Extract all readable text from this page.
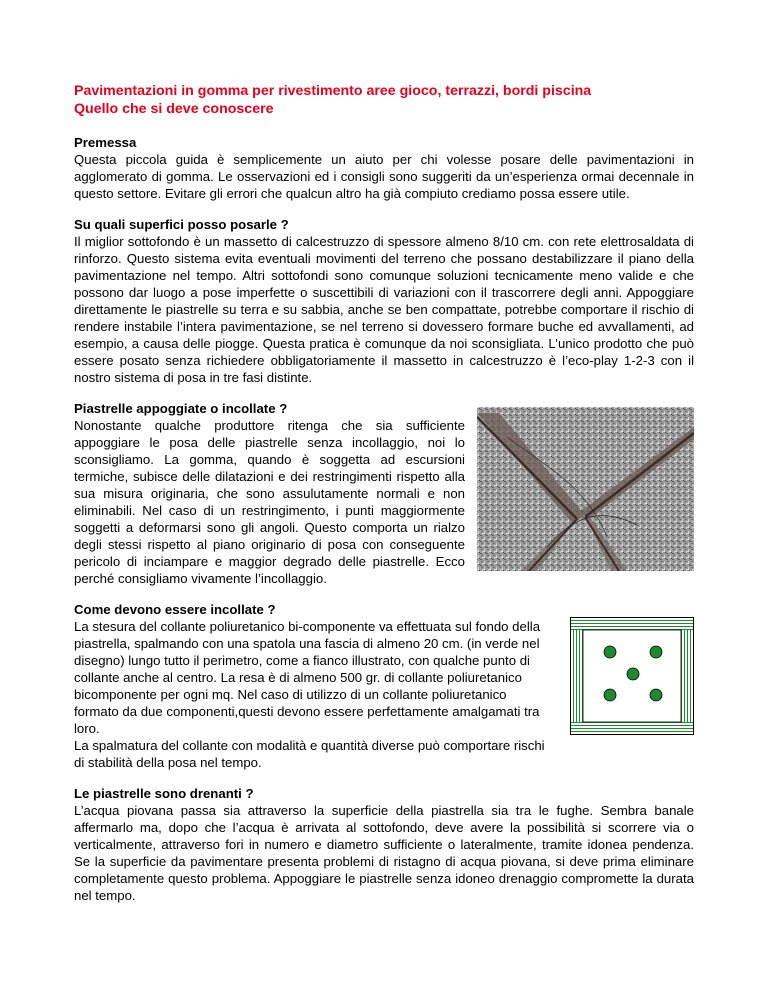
Pavimentazioni in gomma per rivestimento aree gioco, terrazzi, bordi piscina
Quello che si deve conoscere
Premessa

Questa piccola guida è semplicemente un aiuto per chi volesse posare delle pavimentazioni in agglomerato di gomma. Le osservazioni ed i consigli sono suggeriti da un’esperienza ormai decennale in questo settore. Evitare gli errori che qualcun altro ha già compiuto crediamo possa essere utile.

Su quali superfici posso posarle ?

Il miglior sottofondo è un massetto di calcestruzzo di spessore almeno 8/10 cm. con rete elettrosaldata di rinforzo. Questo sistema evita eventuali movimenti del terreno che possano destabilizzare il piano della pavimentazione nel tempo. Altri sottofondi sono comunque soluzioni tecnicamente meno valide e che possono dar luogo a pose imperfette o suscettibili di variazioni con il trascorrere degli anni. Appoggiare direttamente le piastrelle su terra e su sabbia, anche se ben compattate, potrebbe comportare il rischio di rendere instabile l’intera pavimentazione, se nel terreno si dovessero formare buche ed avvallamenti, ad esempio, a causa delle piogge. Questa pratica è comunque da noi sconsigliata. L’unico prodotto che può essere posato senza richiedere obbligatoriamente il massetto in calcestruzzo è l’eco-play 1-2-3 con il nostro sistema di posa in tre fasi distinte.

Piastrelle appoggiate o incollate ?

Nonostante qualche produttore ritenga che sia sufficiente appoggiare le posa delle piastrelle senza incollaggio, noi lo sconsigliamo. La gomma, quando è soggetta ad escursioni termiche, subisce delle dilatazioni e dei restringimenti rispetto alla sua misura originaria, che sono assulutamente normali e non eliminabili. Nel caso di un restringimento, i punti maggiormente soggetti a deformarsi sono gli angoli. Questo comporta un rialzo degli stessi rispetto al piano originario di posa con conseguente pericolo di inciampare e maggior degrado delle piastrelle. Ecco perché consigliamo vivamente l’incollaggio.

Come devono essere incollate ?

La stesura del collante poliuretanico bi-componente va effettuata sul fondo della piastrella, spalmando con una spatola una fascia di almeno 20 cm. (in verde nel disegno) lungo tutto il perimetro, come a fianco illustrato, con qualche punto di collante anche al centro. La resa è di almeno 500 gr. di collante poliuretanico bicomponente per ogni mq. Nel caso di utilizzo di un collante poliuretanico formato da due componenti,questi devono essere perfettamente amalgamati tra loro.

La spalmatura del collante con modalità e quantità diverse può comportare rischi di stabilità della posa nel tempo.

Le piastrelle sono drenanti ?

L’acqua piovana passa sia attraverso la superficie della piastrella sia tra le fughe. Sembra banale affermarlo ma, dopo che l’acqua è arrivata al sottofondo, deve avere la possibilità si scorrere via o verticalmente, attraverso fori in numero e diametro sufficiente o lateralmente, tramite idonea pendenza. Se la superficie da pavimentare presenta problemi di ristagno di acqua piovana, si deve prima eliminare completamente questo problema. Appoggiare le piastrelle senza idoneo drenaggio compromette la durata nel tempo.
